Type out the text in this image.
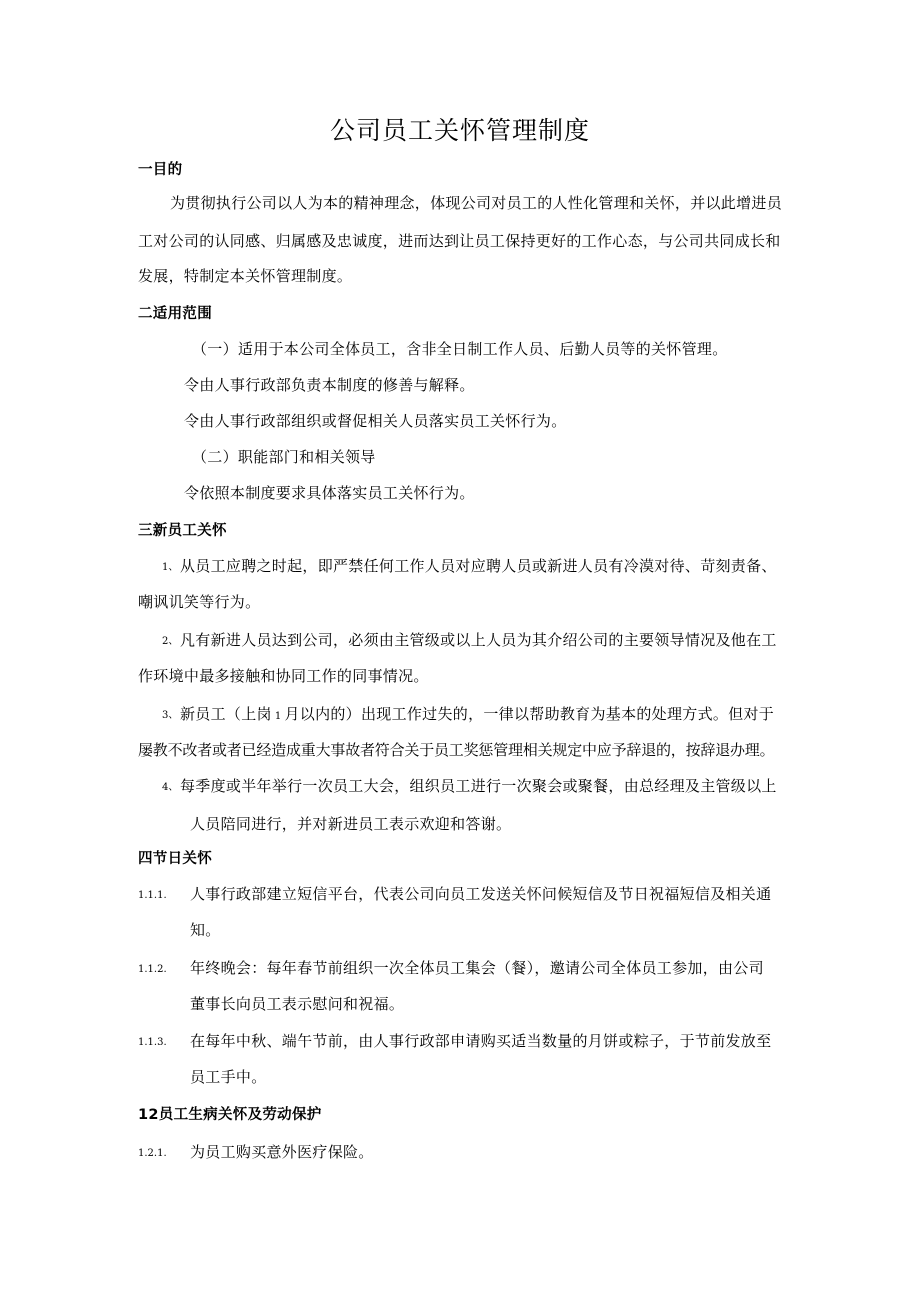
公司员工关怀管理制度
一目的
为贯彻执行公司以人为本的精神理念，体现公司对员工的人性化管理和关怀，并以此增进员
工对公司的认同感、归属感及忠诚度，进而达到让员工保持更好的工作心态，与公司共同成长和
发展，特制定本关怀管理制度。
二适用范围
（一）适用于本公司全体员工，含非全日制工作人员、后勤人员等的关怀管理。
令由人事行政部负责本制度的修善与解释。
令由人事行政部组织或督促相关人员落实员工关怀行为。
（二）职能部门和相关领导
令依照本制度要求具体落实员工关怀行为。
三新员工关怀
1、 从员工应聘之时起，即严禁任何工作人员对应聘人员或新进人员有冷漠对待、苛刻责备、
嘲讽讥笑等行为。
2、 凡有新进人员达到公司，必须由主管级或以上人员为其介绍公司的主要领导情况及他在工
作环境中最多接触和协同工作的同事情况。
3、 新员工（上岗 1 月以内的）出现工作过失的，一律以帮助教育为基本的处理方式。但对于
屡教不改者或者已经造成重大事故者符合关于员工奖惩管理相关规定中应予辞退的，按辞退办理。
4、 每季度或半年举行一次员工大会，组织员工进行一次聚会或聚餐，由总经理及主管级以上
人员陪同进行，并对新进员工表示欢迎和答谢。
四节日关怀
1.1.1. 人事行政部建立短信平台，代表公司向员工发送关怀问候短信及节日祝福短信及相关通
知。
1.1.2. 年终晚会：每年春节前组织一次全体员工集会（餐），邀请公司全体员工参加，由公司
董事长向员工表示慰问和祝福。
1.1.3. 在每年中秋、端午节前，由人事行政部申请购买适当数量的月饼或粽子，于节前发放至
员工手中。
12员工生病关怀及劳动保护
1.2.1. 为员工购买意外医疗保险。
